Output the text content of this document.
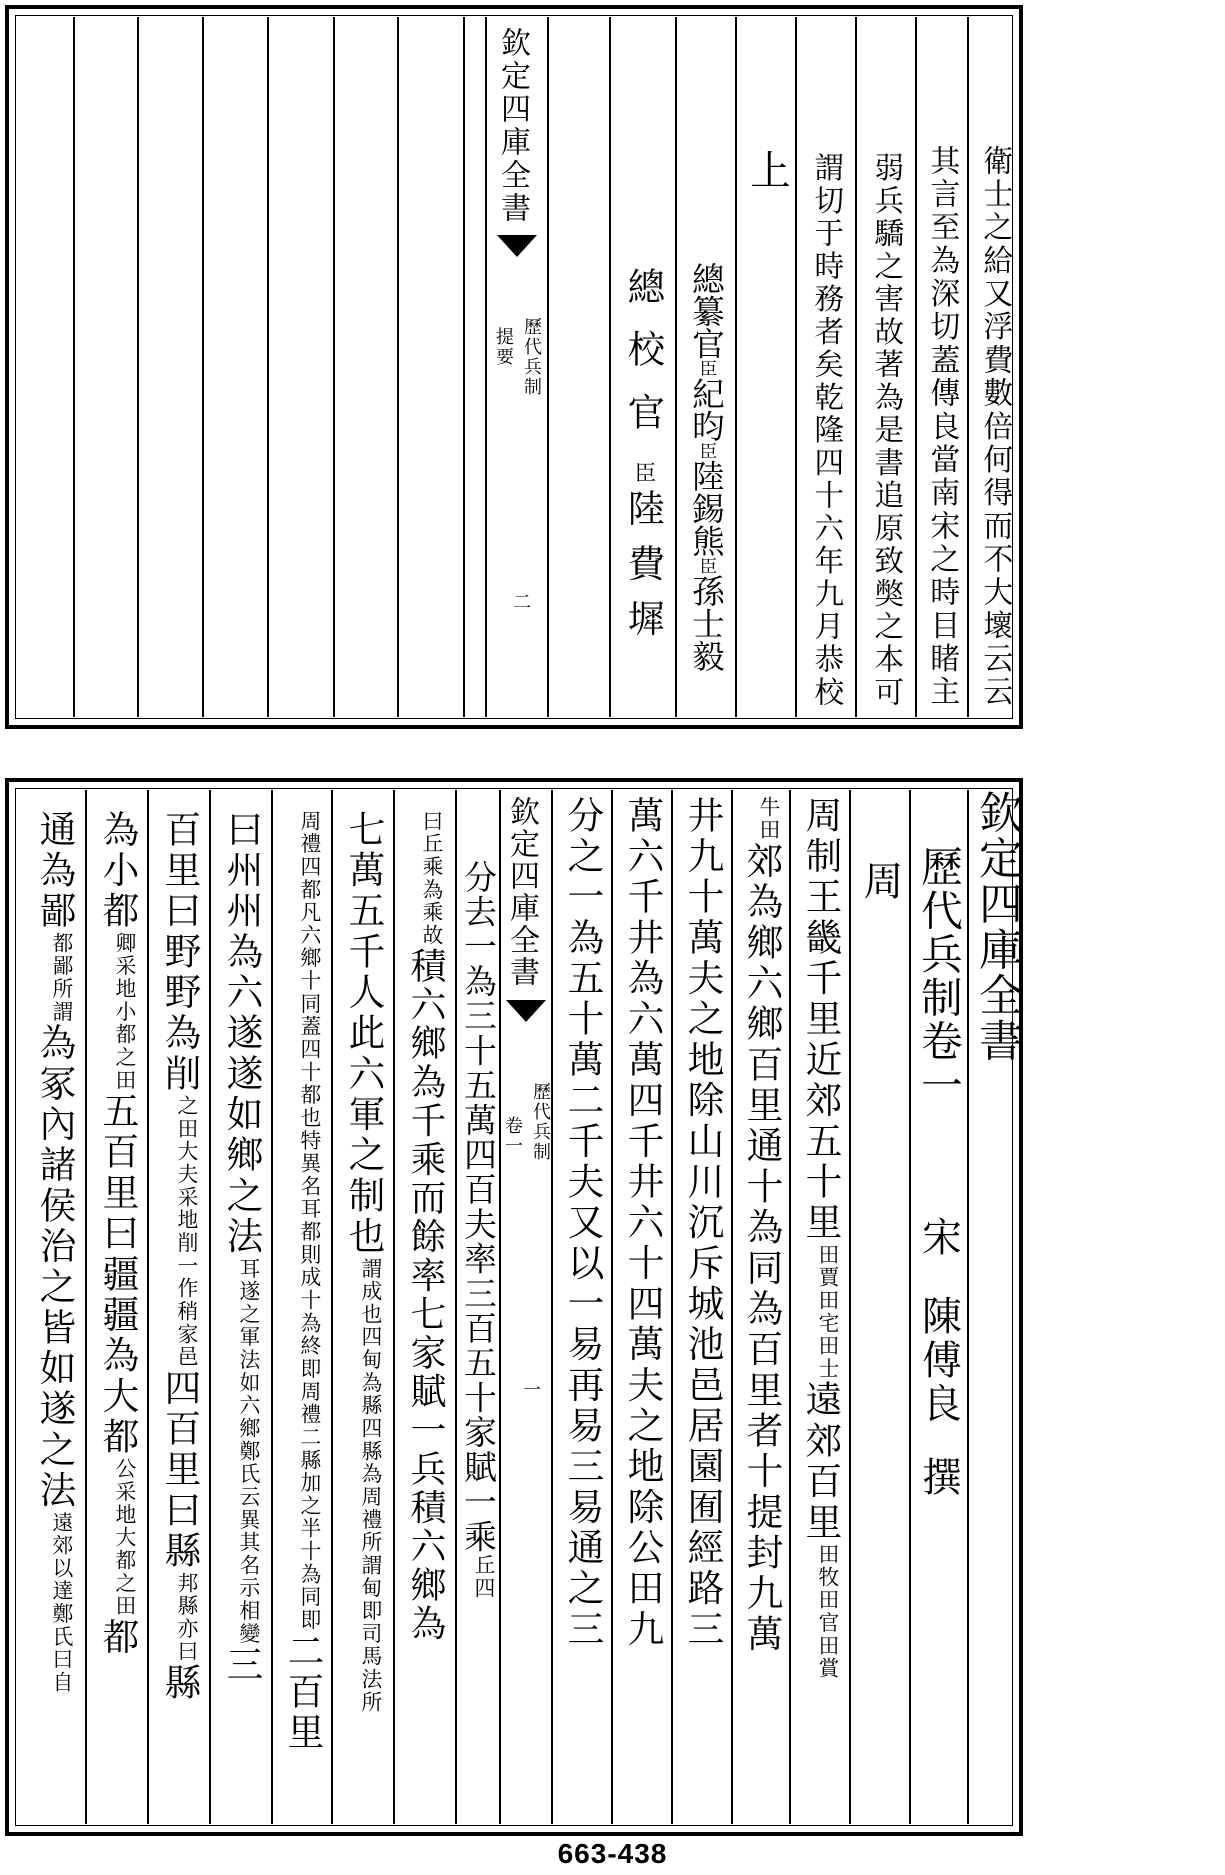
欽定四庫全書
歷代兵制
提要
二
總校官
臣
陸費墀
總纂官
臣
紀昀
臣
陸錫熊
臣
孫士毅
上 謂切于時務者矣乾隆四十六年九月恭校 弱兵驕之害故著為是書追原致獘之本可 其言至為深切蓋傳良當南宋之時目睹主 衛士之給又浮費數倍何得而不大壞云云
欽定四庫全書
歷代兵制卷一
宋
陳傅良
撰
周
周制王畿千里近郊五十里
宅田士
田賈田
遠郊百里
官田賞
田牧田
牛田
郊為鄉六鄉百里通十為同為百里者十提封九萬
井九十萬夫之地除山川沉斥城池邑居園囿經路三
萬六千井為六萬四千井六十四萬夫之地除公田九
分之一為五十萬二千夫又以一易再易三易通之三
欽定四庫全書
歷代兵制
卷一
一
分去一為三十五萬四百夫率三百五十家賦一乘
四
丘
為乘故
曰丘乘
積六鄉為千乘而餘率七家賦一兵積六鄉為
七萬五千人此六軍之制也
周禮所謂甸即司馬法所
謂成也四甸為縣四縣為
都則成十為終即周禮二縣加之半十為同即
周禮四都凡六鄉十同蓋四十都也特異名耳
二百里
曰州州為六遂遂如鄉之法
鄭氏云異其名示相變
耳遂之軍法如六鄉
三
百里曰野野為削
削一作稍家邑
之田大夫采地
四百里曰縣
亦曰
邦縣
縣
為小都
小都之田
卿采地
五百里曰疆疆為大都
大都之田
公采地
都
通為鄙
所謂
都鄙
為冢內諸侯治之皆如遂之法
鄭氏曰自
遠郊以達
663-438
